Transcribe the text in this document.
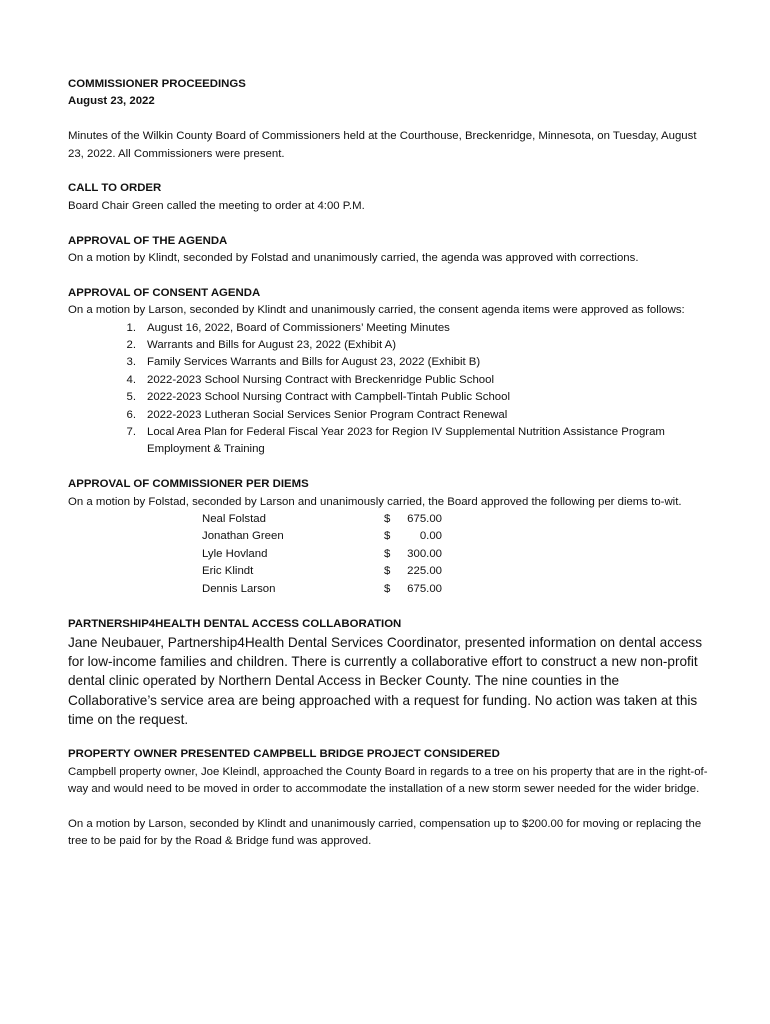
COMMISSIONER PROCEEDINGS

August 23, 2022

Minutes of the Wilkin County Board of Commissioners held at the Courthouse, Breckenridge, Minnesota, on Tuesday, August 23, 2022. All Commissioners were present.

CALL TO ORDER

Board Chair Green called the meeting to order at 4:00 P.M.

APPROVAL OF THE AGENDA

On a motion by Klindt, seconded by Folstad and unanimously carried, the agenda was approved with corrections.

APPROVAL OF CONSENT AGENDA

On a motion by Larson, seconded by Klindt and unanimously carried, the consent agenda items were approved as follows:

1. August 16, 2022, Board of Commissioners’ Meeting Minutes
2. Warrants and Bills for August 23, 2022 (Exhibit A)
3. Family Services Warrants and Bills for August 23, 2022 (Exhibit B)
4. 2022-2023 School Nursing Contract with Breckenridge Public School
5. 2022-2023 School Nursing Contract with Campbell-Tintah Public School
6. 2022-2023 Lutheran Social Services Senior Program Contract Renewal
7. Local Area Plan for Federal Fiscal Year 2023 for Region IV Supplemental Nutrition Assistance Program Employment & Training

APPROVAL OF COMMISSIONER PER DIEMS

On a motion by Folstad, seconded by Larson and unanimously carried, the Board approved the following per diems to-wit.

Neal Folstad	$	675.00
Jonathan Green	$	0.00
Lyle Hovland	$	300.00
Eric Klindt	$	225.00
Dennis Larson	$	675.00

PARTNERSHIP4HEALTH DENTAL ACCESS COLLABORATION

Jane Neubauer, Partnership4Health Dental Services Coordinator, presented information on dental access for low-income families and children. There is currently a collaborative effort to construct a new non-profit dental clinic operated by Northern Dental Access in Becker County. The nine counties in the Collaborative’s service area are being approached with a request for funding. No action was taken at this time on the request.

PROPERTY OWNER PRESENTED CAMPBELL BRIDGE PROJECT CONSIDERED

Campbell property owner, Joe Kleindl, approached the County Board in regards to a tree on his property that are in the right-of-way and would need to be moved in order to accommodate the installation of a new storm sewer needed for the wider bridge.

On a motion by Larson, seconded by Klindt and unanimously carried, compensation up to $200.00 for moving or replacing the tree to be paid for by the Road & Bridge fund was approved.
